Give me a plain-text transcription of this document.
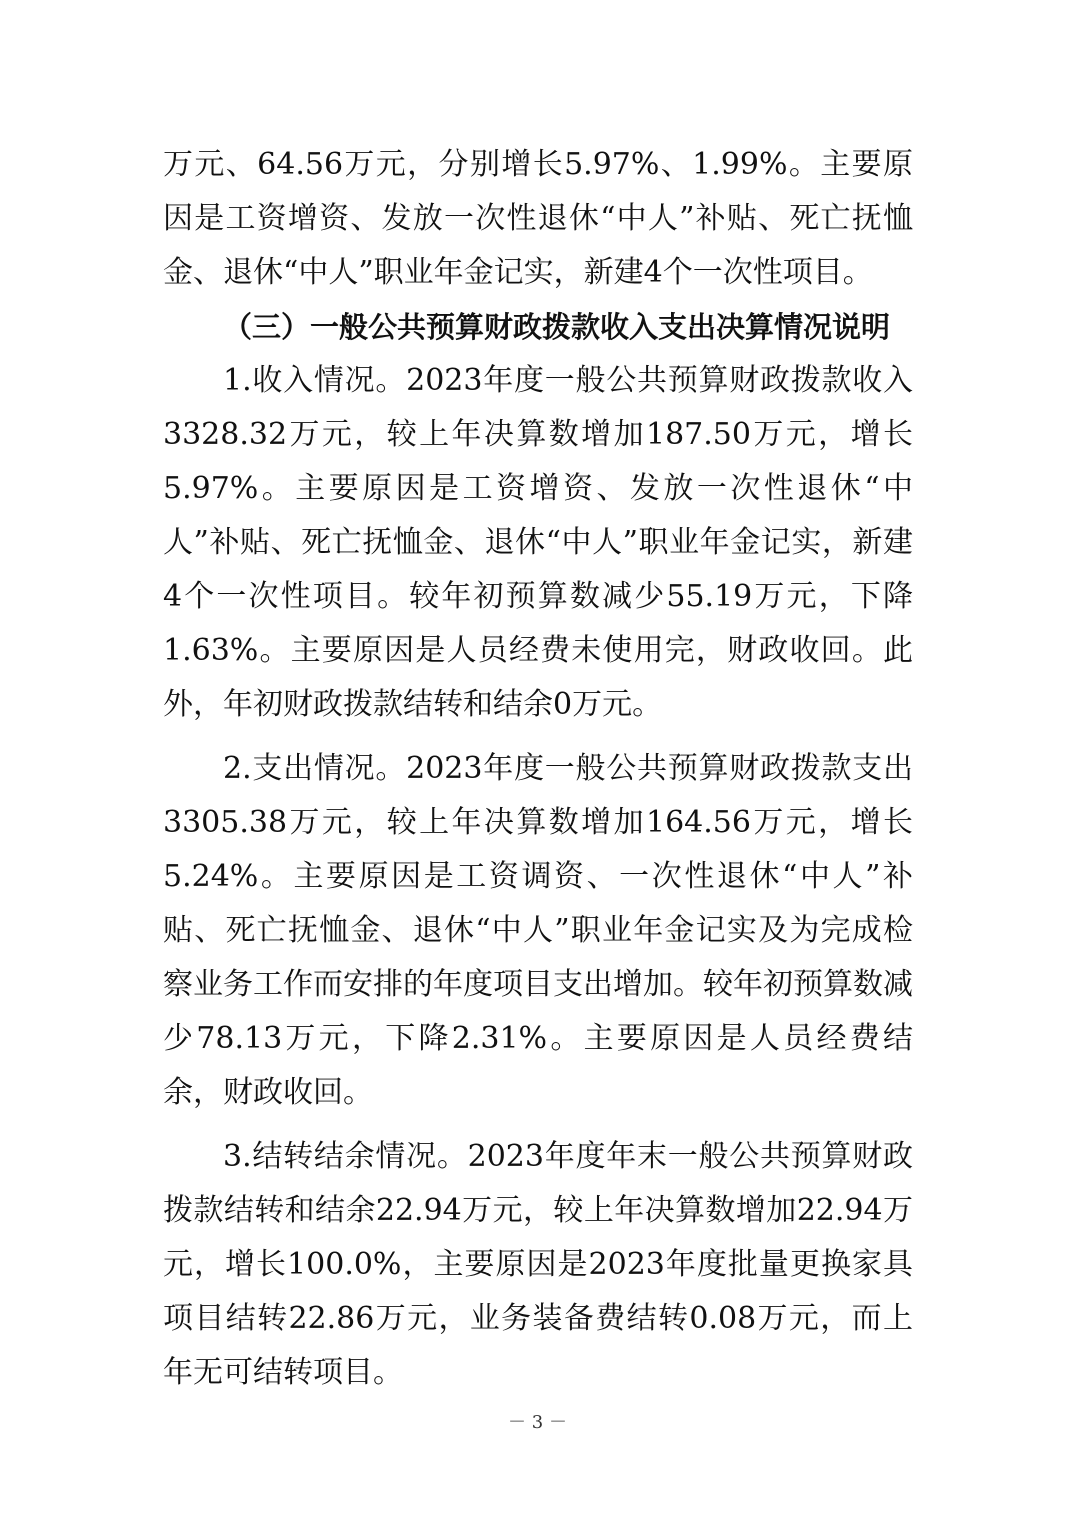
万元、64.56万元，分别增长5.97%、1.99%。主要原因是工资增资、发放一次性退休“中人”补贴、死亡抚恤金、退休“中人”职业年金记实，新建4个一次性项目。

（三）一般公共预算财政拨款收入支出决算情况说明

1.收入情况。2023年度一般公共预算财政拨款收入3328.32万元，较上年决算数增加187.50万元，增长5.97%。主要原因是工资增资、发放一次性退休“中人”补贴、死亡抚恤金、退休“中人”职业年金记实，新建4个一次性项目。较年初预算数减少55.19万元，下降1.63%。主要原因是人员经费未使用完，财政收回。此外，年初财政拨款结转和结余0万元。

2.支出情况。2023年度一般公共预算财政拨款支出3305.38万元，较上年决算数增加164.56万元，增长5.24%。主要原因是工资调资、一次性退休“中人”补贴、死亡抚恤金、退休“中人”职业年金记实及为完成检察业务工作而安排的年度项目支出增加。较年初预算数减少78.13万元，下降2.31%。主要原因是人员经费结余，财政收回。

3.结转结余情况。2023年度年末一般公共预算财政拨款结转和结余22.94万元，较上年决算数增加22.94万元，增长100.0%，主要原因是2023年度批量更换家具项目结转22.86万元，业务装备费结转0.08万元，而上年无可结转项目。

－ 3 －
